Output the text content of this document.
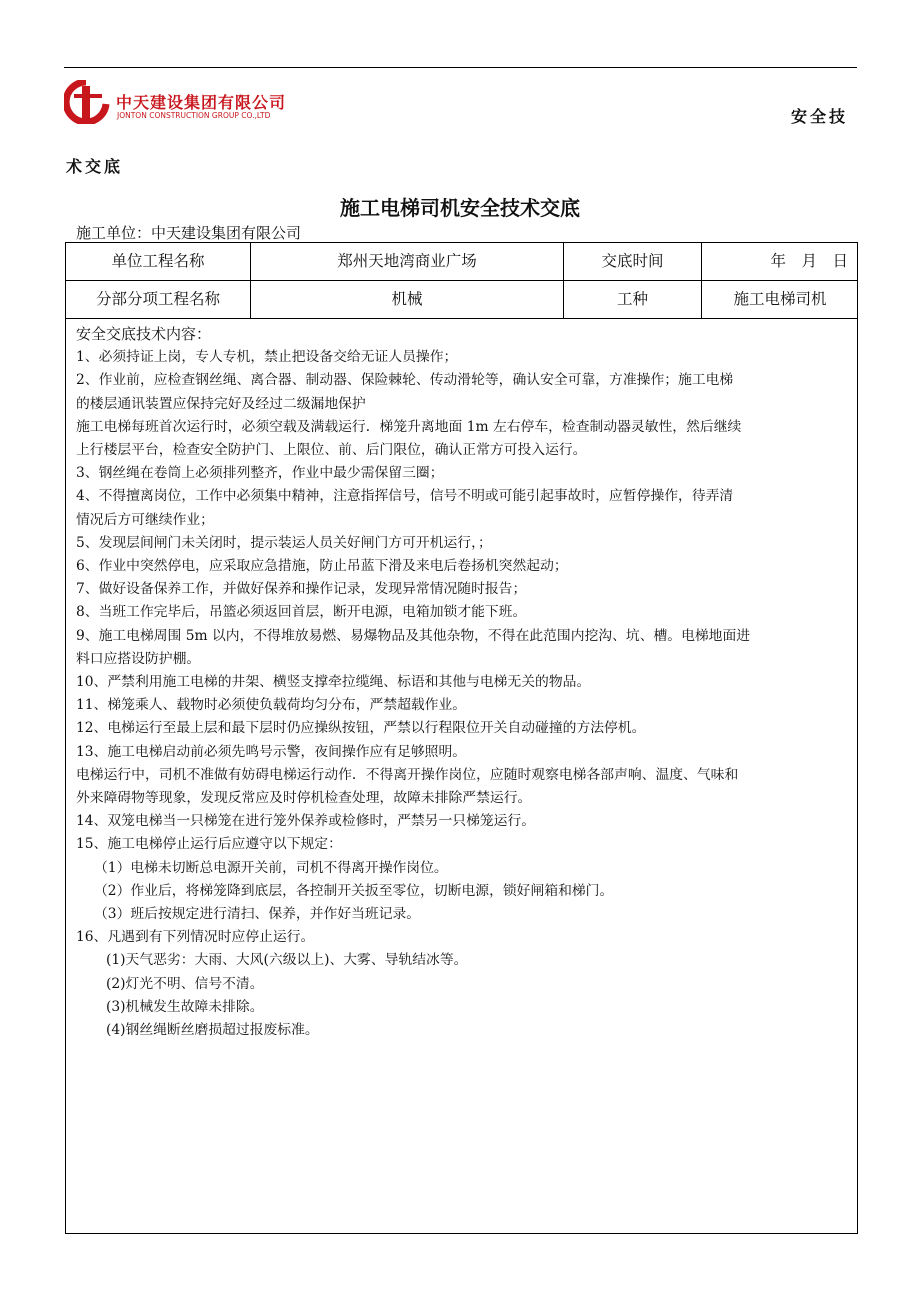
中天建设集团有限公司
JONTON CONSTRUCTION GROUP CO.,LTD	安全技
术交底
施工电梯司机安全技术交底
施工单位：中天建设集团有限公司
单位工程名称	郑州天地湾商业广场	交底时间	年　月　日
分部分项工程名称	机械	工种	施工电梯司机
安全交底技术内容：
1、必须持证上岗，专人专机，禁止把设备交给无证人员操作；
2、作业前，应检查钢丝绳、离合器、制动器、保险棘轮、传动滑轮等，确认安全可靠，方准操作；施工电梯
的楼层通讯装置应保持完好及经过二级漏地保护
施工电梯每班首次运行时，必须空载及满载运行．梯笼升离地面 1m 左右停车，检查制动器灵敏性，然后继续
上行楼层平台，检查安全防护门、上限位、前、后门限位，确认正常方可投入运行。
3、钢丝绳在卷筒上必须排列整齐，作业中最少需保留三圈；
4、不得擅离岗位，工作中必须集中精神，注意指挥信号，信号不明或可能引起事故时，应暂停操作，待弄清
情况后方可继续作业；
5、发现层间闸门未关闭时，提示装运人员关好闸门方可开机运行，；
6、作业中突然停电，应采取应急措施，防止吊蓝下滑及来电后卷扬机突然起动；
7、做好设备保养工作，并做好保养和操作记录，发现异常情况随时报告；
8、当班工作完毕后，吊篮必须返回首层，断开电源，电箱加锁才能下班。
9、施工电梯周围 5m 以内，不得堆放易燃、易爆物品及其他杂物，不得在此范围内挖沟、坑、槽。电梯地面进
料口应搭设防护棚。
10、严禁利用施工电梯的井架、横竖支撑牵拉缆绳、标语和其他与电梯无关的物品。
11、梯笼乘人、载物时必须使负载荷均匀分布，严禁超载作业。
12、电梯运行至最上层和最下层时仍应操纵按钮，严禁以行程限位开关自动碰撞的方法停机。
13、施工电梯启动前必须先鸣号示警，夜间操作应有足够照明。
电梯运行中，司机不准做有妨碍电梯运行动作．不得离开操作岗位，应随时观察电梯各部声响、温度、气味和
外来障碍物等现象，发现反常应及时停机检查处理，故障未排除严禁运行。
14、双笼电梯当一只梯笼在进行笼外保养或检修时，严禁另一只梯笼运行。
15、施工电梯停止运行后应遵守以下规定：
（1）电梯未切断总电源开关前，司机不得离开操作岗位。
（2）作业后，将梯笼降到底层，各控制开关扳至零位，切断电源，锁好闸箱和梯门。
（3）班后按规定进行清扫、保养，并作好当班记录。
16、凡遇到有下列情况时应停止运行。
(1)天气恶劣：大雨、大风(六级以上)、大雾、导轨结冰等。
(2)灯光不明、信号不清。
(3)机械发生故障未排除。
(4)钢丝绳断丝磨损超过报废标准。
